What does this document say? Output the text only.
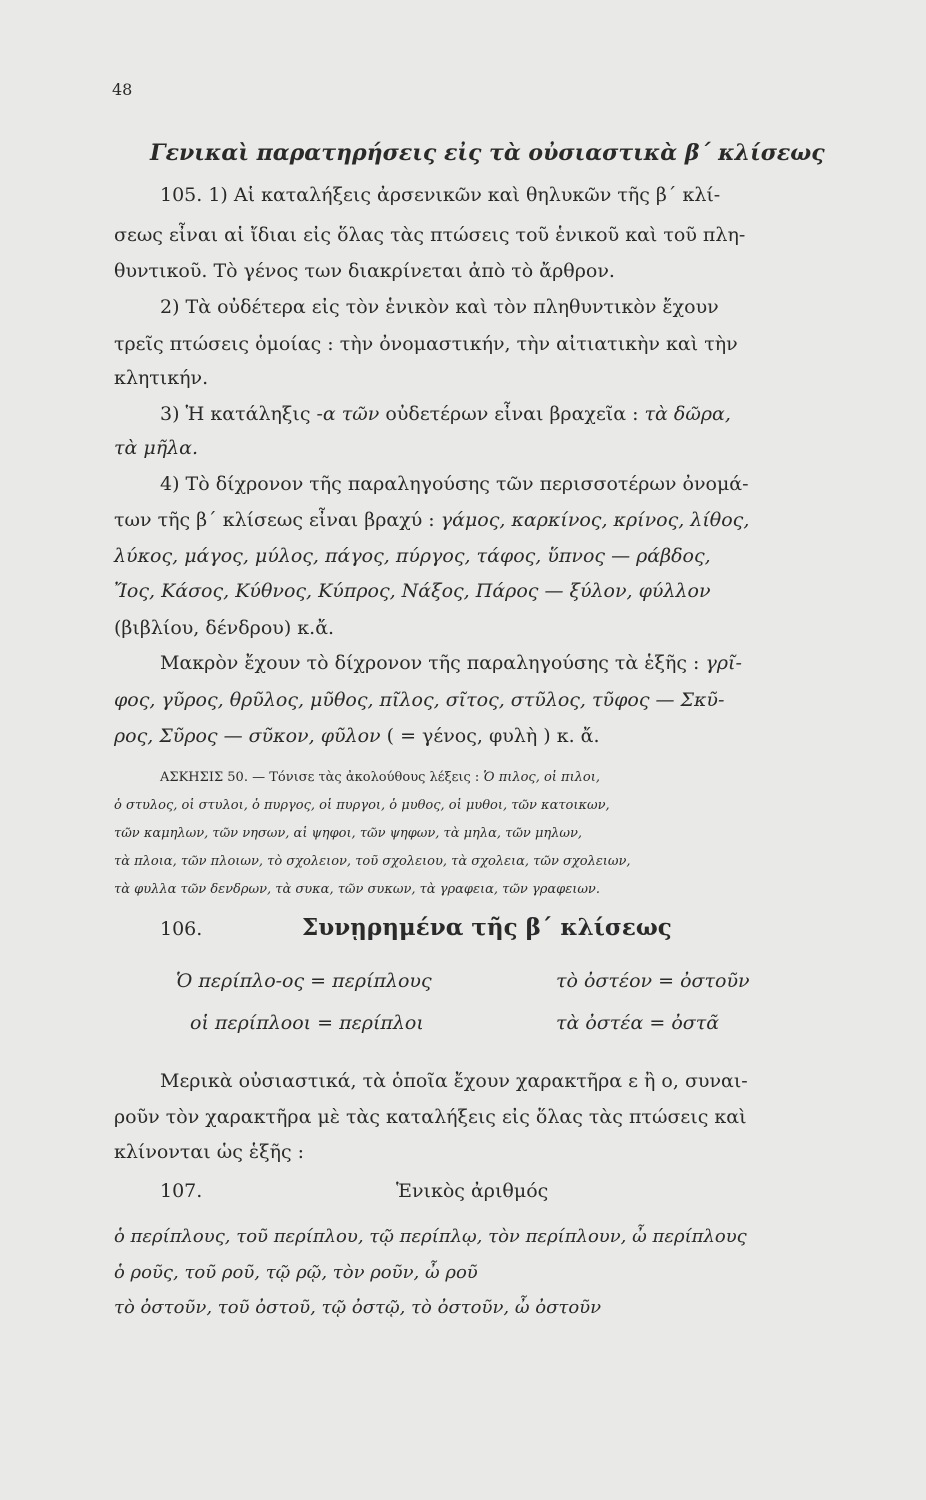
48
Γενικαὶ παρατηρήσεις εἰς τὰ οὐσιαστικὰ β´ κλίσεως
105. 1) Αἱ καταλήξεις ἀρσενικῶν καὶ θηλυκῶν τῆς β´ κλί-
σεως εἶναι αἱ ἴδιαι εἰς ὅλας τὰς πτώσεις τοῦ ἑνικοῦ καὶ τοῦ πλη-
θυντικοῦ. Τὸ γένος των διακρίνεται ἀπὸ τὸ ἄρθρον.
2) Τὰ οὐδέτερα εἰς τὸν ἑνικὸν καὶ τὸν πληθυντικὸν ἔχουν
τρεῖς πτώσεις ὁμοίας : τὴν ὀνομαστικήν, τὴν αἰτιατικὴν καὶ τὴν
κλητικήν.
3) Ἡ κατάληξις -α τῶν οὐδετέρων εἶναι βραχεῖα : τὰ δῶρα,
τὰ μῆλα.
4) Τὸ δίχρονον τῆς παραληγούσης τῶν περισσοτέρων ὀνομά-
των τῆς β´ κλίσεως εἶναι βραχύ : γάμος, καρκίνος, κρίνος, λίθος,
λύκος, μάγος, μύλος, πάγος, πύργος, τάφος, ὕπνος — ράβδος,
Ἴος, Κάσος, Κύθνος, Κύπρος, Νάξος, Πάρος — ξύλον, φύλλον
(βιβλίου, δένδρου) κ.ἄ.
Μακρὸν ἔχουν τὸ δίχρονον τῆς παραληγούσης τὰ ἑξῆς : γρῖ-
φος, γῦρος, θρῦλος, μῦθος, πῖλος, σῖτος, στῦλος, τῦφος — Σκῦ-
ρος, Σῦρος — σῦκον, φῦλον ( = γένος, φυλὴ ) κ. ἄ.
ΑΣΚΗΣΙΣ 50. — Τόνισε τὰς ἀκολούθους λέξεις : Ὁ πιλος, οἱ πιλοι,
ὁ στυλος, οἱ στυλοι, ὁ πυργος, οἱ πυργοι, ὁ μυθος, οἱ μυθοι, τῶν κατοικων,
τῶν καμηλων, τῶν νησων, αἱ ψηφοι, τῶν ψηφων, τὰ μηλα, τῶν μηλων,
τὰ πλοια, τῶν πλοιων, τὸ σχολειον, τοῦ σχολειου, τὰ σχολεια, τῶν σχολειων,
τὰ φυλλα τῶν δενδρων, τὰ συκα, τῶν συκων, τὰ γραφεια, τῶν γραφειων.
106.	Συνῃρημένα τῆς β´ κλίσεως
Ὁ περίπλο-ος = περίπλους	τὸ ὀστέον = ὀστοῦν
οἱ περίπλοοι = περίπλοι	τὰ ὀστέα = ὀστᾶ
Μερικὰ οὐσιαστικά, τὰ ὁποῖα ἔχουν χαρακτῆρα ε ἢ ο, συναι-
ροῦν τὸν χαρακτῆρα μὲ τὰς καταλήξεις εἰς ὅλας τὰς πτώσεις καὶ
κλίνονται ὡς ἑξῆς :
107.	Ἑνικὸς ἀριθμός
ὁ περίπλους, τοῦ περίπλου, τῷ περίπλῳ, τὸν περίπλουν, ὦ περίπλους
ὁ ροῦς, τοῦ ροῦ, τῷ ρῷ, τὸν ροῦν, ὦ ροῦ
τὸ ὀστοῦν, τοῦ ὀστοῦ, τῷ ὀστῷ, τὸ ὀστοῦν, ὦ ὀστοῦν
